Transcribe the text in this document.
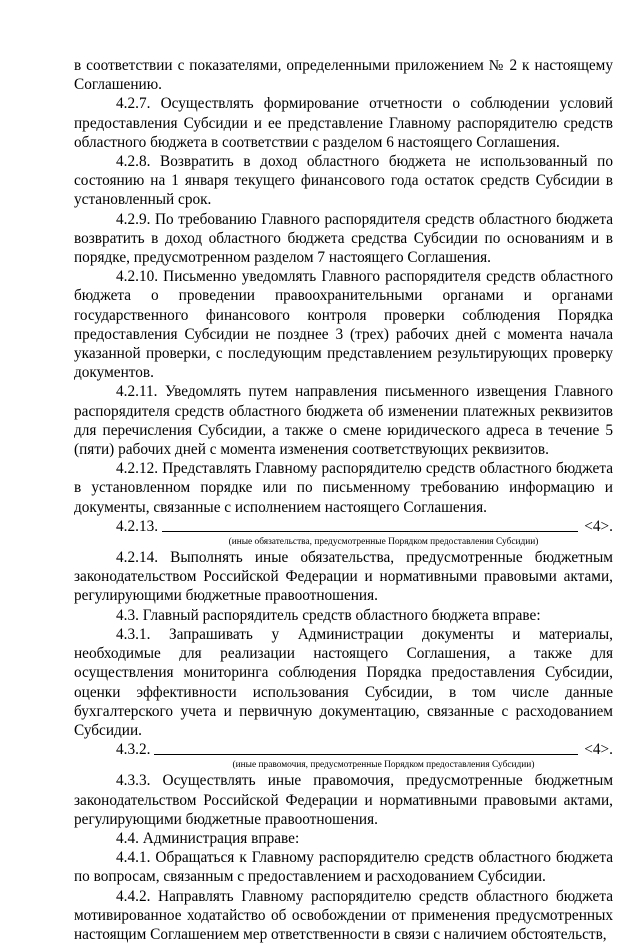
в соответствии с показателями, определенными приложением № 2 к настоящему Соглашению.

4.2.7. Осуществлять формирование отчетности о соблюдении условий предоставления Субсидии и ее представление Главному распорядителю средств областного бюджета в соответствии с разделом 6 настоящего Соглашения.

4.2.8. Возвратить в доход областного бюджета не использованный по состоянию на 1 января текущего финансового года остаток средств Субсидии в установленный срок.

4.2.9. По требованию Главного распорядителя средств областного бюджета возвратить в доход областного бюджета средства Субсидии по основаниям и в порядке, предусмотренном разделом 7 настоящего Соглашения.

4.2.10. Письменно уведомлять Главного распорядителя средств областного бюджета о проведении правоохранительными органами и органами государственного финансового контроля проверки соблюдения Порядка предоставления Субсидии не позднее 3 (трех) рабочих дней с момента начала указанной проверки, с последующим представлением результирующих проверку документов.

4.2.11. Уведомлять путем направления письменного извещения Главного распорядителя средств областного бюджета об изменении платежных реквизитов для перечисления Субсидии, а также о смене юридического адреса в течение 5 (пяти) рабочих дней с момента изменения соответствующих реквизитов.

4.2.12. Представлять Главному распорядителю средств областного бюджета в установленном порядке или по письменному требованию информацию и документы, связанные с исполнением настоящего Соглашения.

4.2.13.	<4>.

(иные обязательства, предусмотренные Порядком предоставления Субсидии)

4.2.14. Выполнять иные обязательства, предусмотренные бюджетным законодательством Российской Федерации и нормативными правовыми актами, регулирующими бюджетные правоотношения.

4.3. Главный распорядитель средств областного бюджета вправе:

4.3.1. Запрашивать у Администрации документы и материалы, необходимые для реализации настоящего Соглашения, а также для осуществления мониторинга соблюдения Порядка предоставления Субсидии, оценки эффективности использования Субсидии, в том числе данные бухгалтерского учета и первичную документацию, связанные с расходованием Субсидии.

4.3.2.	<4>.

(иные правомочия, предусмотренные Порядком предоставления Субсидии)

4.3.3. Осуществлять иные правомочия, предусмотренные бюджетным законодательством Российской Федерации и нормативными правовыми актами, регулирующими бюджетные правоотношения.

4.4. Администрация вправе:

4.4.1. Обращаться к Главному распорядителю средств областного бюджета по вопросам, связанным с предоставлением и расходованием Субсидии.

4.4.2. Направлять Главному распорядителю средств областного бюджета мотивированное ходатайство об освобождении от применения предусмотренных настоящим Соглашением мер ответственности в связи с наличием обстоятельств,
